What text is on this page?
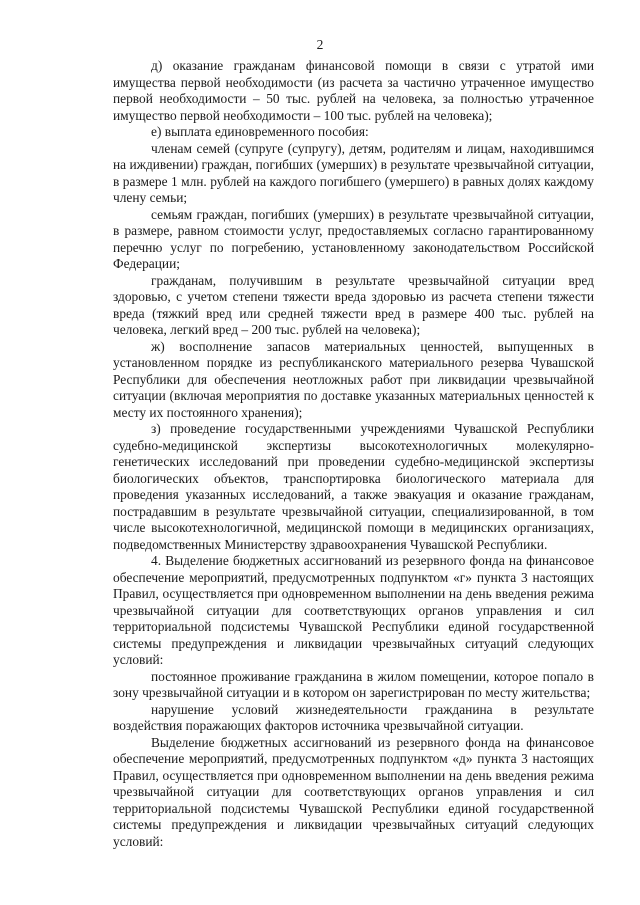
2

д) оказание гражданам финансовой помощи в связи с утратой ими имущества первой необходимости (из расчета за частично утраченное имущество первой необходимости – 50 тыс. рублей на человека, за полностью утраченное имущество первой необходимости – 100 тыс. рублей на человека);

е) выплата единовременного пособия:

членам семей (супруге (супругу), детям, родителям и лицам, находившимся на иждивении) граждан, погибших (умерших) в результате чрезвычайной ситуации, в размере 1 млн. рублей на каждого погибшего (умершего) в равных долях каждому члену семьи;

семьям граждан, погибших (умерших) в результате чрезвычайной ситуации, в размере, равном стоимости услуг, предоставляемых согласно гарантированному перечню услуг по погребению, установленному законодательством Российской Федерации;

гражданам, получившим в результате чрезвычайной ситуации вред здоровью, с учетом степени тяжести вреда здоровью из расчета степени тяжести вреда (тяжкий вред или средней тяжести вред в размере 400 тыс. рублей на человека, легкий вред – 200 тыс. рублей на человека);

ж) восполнение запасов материальных ценностей, выпущенных в установленном порядке из республиканского материального резерва Чувашской Республики для обеспечения неотложных работ при ликвидации чрезвычайной ситуации (включая мероприятия по доставке указанных материальных ценностей к месту их постоянного хранения);

з) проведение государственными учреждениями Чувашской Республики судебно-медицинской экспертизы высокотехнологичных молекулярно-генетических исследований при проведении судебно-медицинской экспертизы биологических объектов, транспортировка биологического материала для проведения указанных исследований, а также эвакуация и оказание гражданам, пострадавшим в результате чрезвычайной ситуации, специализированной, в том числе высокотехнологичной, медицинской помощи в медицинских организациях, подведомственных Министерству здравоохранения Чувашской Республики.

4. Выделение бюджетных ассигнований из резервного фонда на финансовое обеспечение мероприятий, предусмотренных подпунктом «г» пункта 3 настоящих Правил, осуществляется при одновременном выполнении на день введения режима чрезвычайной ситуации для соответствующих органов управления и сил территориальной подсистемы Чувашской Республики единой государственной системы предупреждения и ликвидации чрезвычайных ситуаций следующих условий:

постоянное проживание гражданина в жилом помещении, которое попало в зону чрезвычайной ситуации и в котором он зарегистрирован по месту жительства;

нарушение условий жизнедеятельности гражданина в результате воздействия поражающих факторов источника чрезвычайной ситуации.

Выделение бюджетных ассигнований из резервного фонда на финансовое обеспечение мероприятий, предусмотренных подпунктом «д» пункта 3 настоящих Правил, осуществляется при одновременном выполнении на день введения режима чрезвычайной ситуации для соответствующих органов управления и сил территориальной подсистемы Чувашской Республики единой государственной системы предупреждения и ликвидации чрезвычайных ситуаций следующих условий:
